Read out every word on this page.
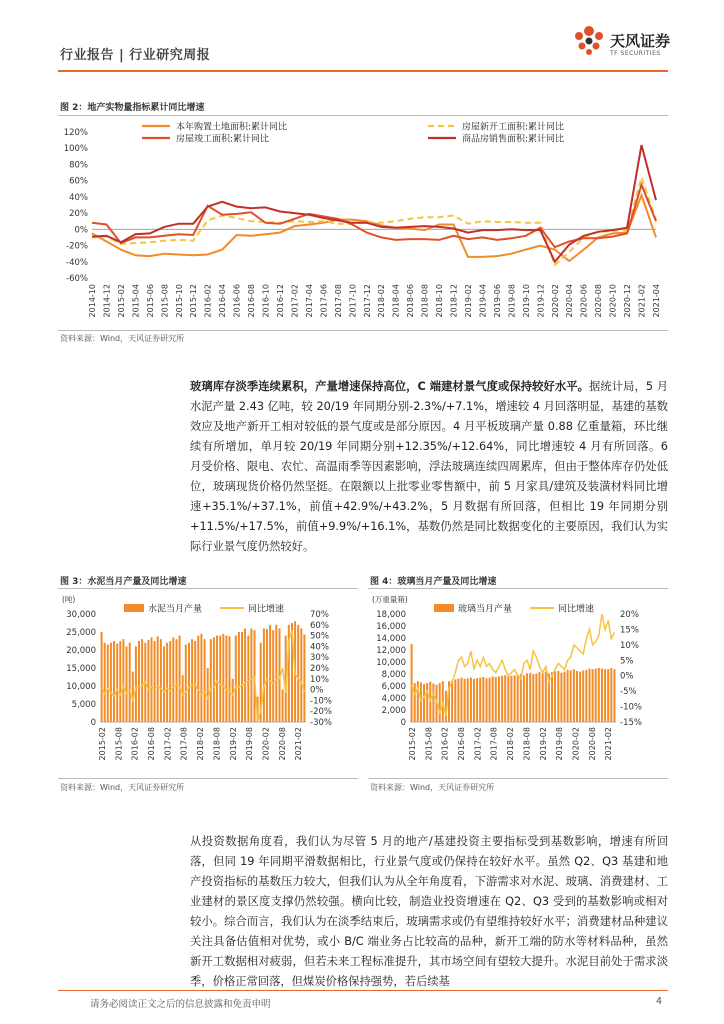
行业报告 | 行业研究周报
天风证券
TF SECURITIES
图 2：地产实物量指标累计同比增速
120%
100%
80%
60%
40%
20%
0%
-20%
-40%
-60%
2014-10 2014-12 2015-02 2015-04 2015-06 2015-08 2015-10 2015-12 2016-02 2016-04 2016-06 2016-08 2016-10 2016-12 2017-02 2017-04 2017-06 2017-08 2017-10 2017-12 2018-02 2018-04 2018-06 2018-08 2018-10 2018-12 2019-02 2019-04 2019-06 2019-08 2019-10 2019-12 2020-02 2020-04 2020-06 2020-08 2020-10 2020-12 2021-02 2021-04
本年购置土地面积:累计同比	房屋新开工面积:累计同比
房屋竣工面积:累计同比	商品房销售面积:累计同比
资料来源：Wind，天风证券研究所
玻璃库存淡季连续累积，产量增速保持高位，C 端建材景气度或保持较好水平。据统计局，5 月水泥产量 2.43 亿吨，较 20/19 年同期分别-2.3%/+7.1%，增速较 4 月回落明显，基建的基数效应及地产新开工相对较低的景气度或是部分原因。4 月平板玻璃产量 0.88 亿重量箱，环比继续有所增加，单月较 20/19 年同期分别+12.35%/+12.64%，同比增速较 4 月有所回落。6 月受价格、限电、农忙、高温雨季等因素影响，浮法玻璃连续四周累库，但由于整体库存仍处低位，玻璃现货价格仍然坚挺。在限额以上批零业零售额中，前 5 月家具/建筑及装潢材料同比增速+35.1%/+37.1%，前值+42.9%/+43.2%，5 月数据有所回落，但相比 19 年同期分别+11.5%/+17.5%，前值+9.9%/+16.1%，基数仍然是同比数据变化的主要原因，我们认为实际行业景气度仍然较好。
图 3：水泥当月产量及同比增速
(吨)
30,000
25,000
20,000
15,000
10,000
5,000
0
70%
60%
50%
40%
30%
20%
10%
0%
-10%
-20%
-30%
2015-02 2015-08 2016-02 2016-08 2017-02 2017-08 2018-02 2018-08 2019-02 2019-08 2020-02 2020-08 2021-02
水泥当月产量	同比增速
资料来源：Wind，天风证券研究所
图 4：玻璃当月产量及同比增速
(万重量箱)
18,000
16,000
14,000
12,000
10,000
8,000
6,000
4,000
2,000
0
20%
15%
10%
5%
0%
-5%
-10%
-15%
2015-02 2015-08 2016-02 2016-08 2017-02 2017-08 2018-02 2018-08 2019-02 2019-08 2020-02 2020-08 2021-02
玻璃当月产量	同比增速
资料来源：Wind，天风证券研究所
从投资数据角度看，我们认为尽管 5 月的地产/基建投资主要指标受到基数影响，增速有所回落，但同 19 年同期平滑数据相比，行业景气度或仍保持在较好水平。虽然 Q2、Q3 基建和地产投资指标的基数压力较大，但我们认为从全年角度看，下游需求对水泥、玻璃、消费建材、工业建材的景区度支撑仍然较强。横向比较，制造业投资增速在 Q2、Q3 受到的基数影响或相对较小。综合而言，我们认为在淡季结束后，玻璃需求或仍有望维持较好水平；消费建材品种建议关注具备估值相对优势，或小 B/C 端业务占比较高的品种，新开工端的防水等材料品种，虽然新开工数据相对疲弱，但若未来工程标准提升，其市场空间有望较大提升。水泥目前处于需求淡季，价格正常回落，但煤炭价格保持强势，若后续基
请务必阅读正文之后的信息披露和免责申明	4
